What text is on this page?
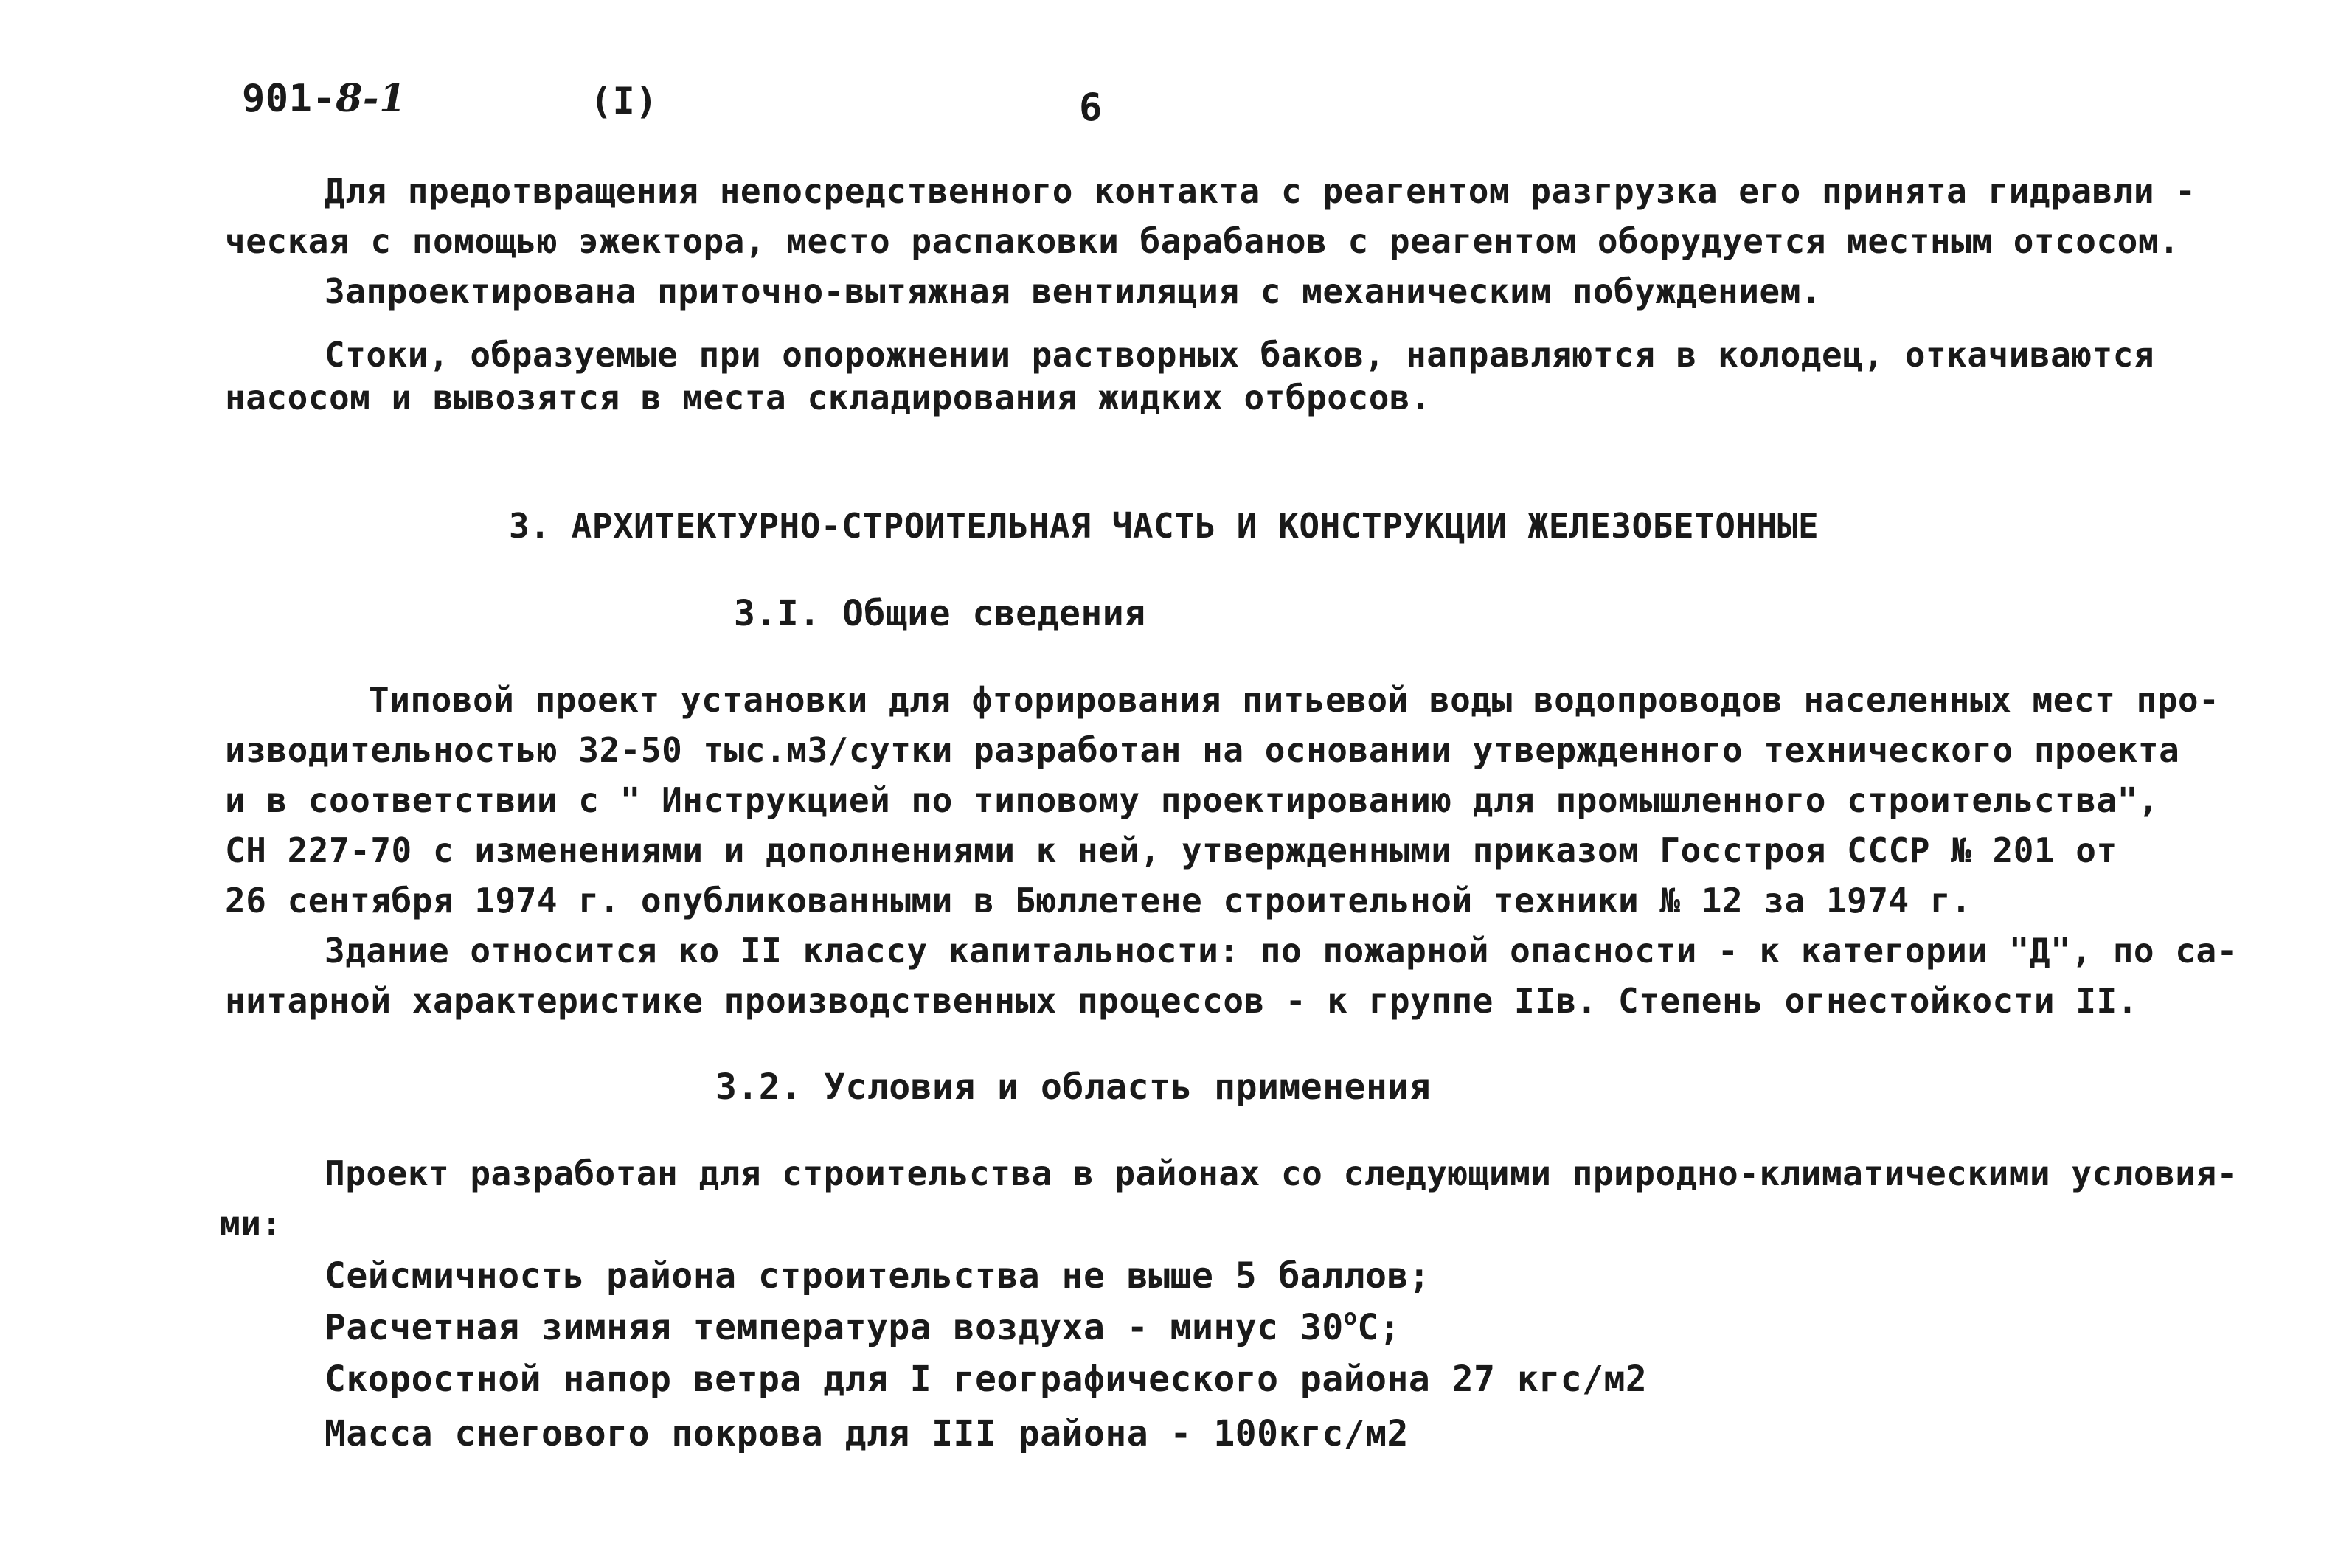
901-8-1	(I)	6
Для предотвращения непосредственного контакта с реагентом разгрузка его принята гидравли -
ческая с помощью эжектора, место распаковки барабанов с реагентом оборудуется местным отсосом.
Запроектирована приточно-вытяжная вентиляция с механическим побуждением.
Стоки, образуемые при опорожнении растворных баков, направляются в колодец, откачиваются
насосом и вывозятся в места складирования жидких отбросов.
3. АРХИТЕКТУРНО-СТРОИТЕЛЬНАЯ ЧАСТЬ И КОНСТРУКЦИИ ЖЕЛЕЗОБЕТОННЫЕ
3.I. Общие сведения
Типовой проект установки для фторирования питьевой воды водопроводов населенных мест про-
изводительностью 32-50 тыс.м3/сутки разработан на основании утвержденного технического проекта
и в соответствии с " Инструкцией по типовому проектированию для промышленного строительства",
СН 227-70 с изменениями и дополнениями к ней, утвержденными приказом Госстроя СССР № 201 от
26 сентября 1974 г. опубликованными в Бюллетене строительной техники № 12 за 1974 г.
Здание относится ко II классу капитальности: по пожарной опасности - к категории "Д", по са-
нитарной характеристике производственных процессов - к группе IIв. Степень огнестойкости II.
3.2. Условия и область применения
Проект разработан для строительства в районах со следующими природно-климатическими условия-
ми:
Сейсмичность района строительства не выше 5 баллов;
Расчетная зимняя температура воздуха - минус $30^оС$;
Скоростной напор ветра для I географического района 27 кгс/м2
Масса снегового покрова для III района - 100кгс/м2
